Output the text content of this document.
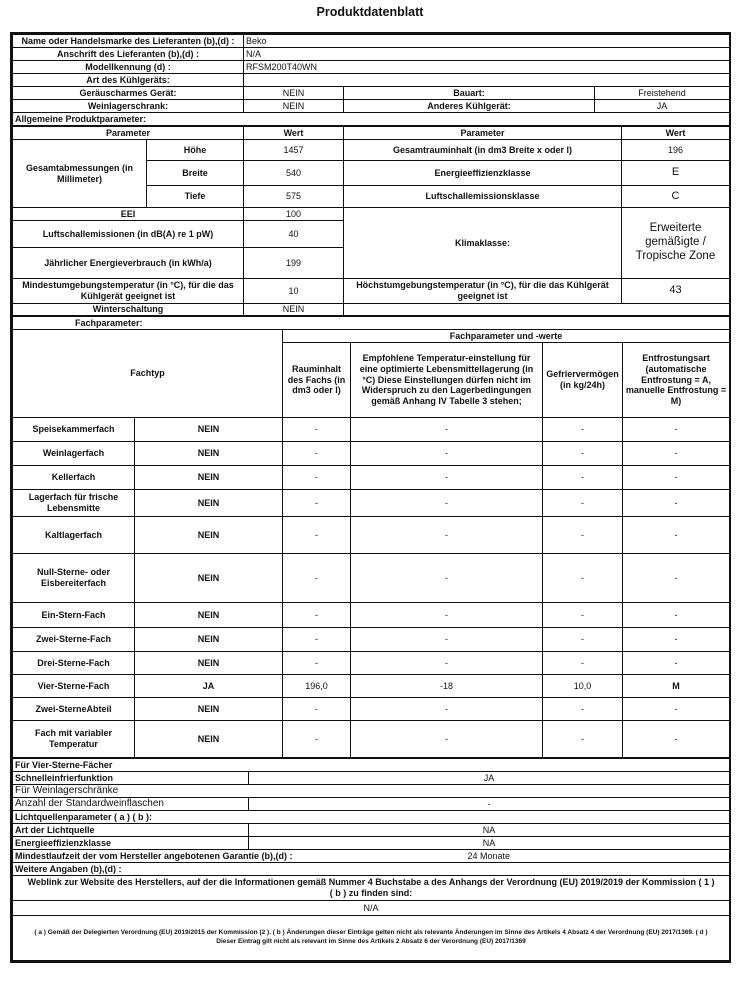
Produktdatenblatt
Name oder Handelsmarke des Lieferanten (b),(d) :	Beko		
Anschrift des Lieferanten (b),(d) :	N/A		
Modellkennung (d) :	RFSM200T40WN		
Art des Kühlgeräts:			
Geräuscharmes Gerät:	NEIN	Bauart:	Freistehend
Weinlagerschrank:	NEIN	Anderes Kühlgerät:	JA
Allgemeine Produktparameter:			
Parameter		Wert	Parameter	Wert
Gesamtabmessungen (in Millimeter)	Höhe	1457	Gesamtrauminhalt (in dm3 Breite x oder l)	196
	Breite	540	Energieeffizienzklasse	E
	Tiefe	575	Luftschallemissionsklasse	C
EEI		100	Klimaklasse:	Erweiterte gemäßigte / Tropische Zone
Luftschallemissionen (in dB(A) re 1 pW)		40		
Jährlicher Energieverbrauch (in kWh/a)		199		
Mindestumgebungstemperatur (in °C), für die das Kühlgerät geeignet ist		10	Höchstumgebungstemperatur (in °C), für die das Kühlgerät geeignet ist	43
Winterschaltung		NEIN		
Fachparameter:					
Fachtyp		Fachparameter und -werte			
		Rauminhalt des Fachs (in dm3 oder l)	Empfohlene Temperatur-einstellung für eine optimierte Lebensmittellagerung (in °C) Diese Einstellungen dürfen nicht im Widerspruch zu den Lagerbedingungen gemäß Anhang IV Tabelle 3 stehen;	Gefriervermögen (in kg/24h)	Entfrostungsart (automatische Entfrostung = A, manuelle Entfrostung = M)
Speisekammerfach	NEIN	-	-	-	-
Weinlagerfach	NEIN	-	-	-	-
Kellerfach	NEIN	-	-	-	-
Lagerfach für frische Lebensmitte	NEIN	-	-	-	-
Kaltlagerfach	NEIN	-	-	-	-
Null-Sterne- oder Eisbereiterfach	NEIN	-	-	-	-
Ein-Stern-Fach	NEIN	-	-	-	-
Zwei-Sterne-Fach	NEIN	-	-	-	-
Drei-Sterne-Fach	NEIN	-	-	-	-
Vier-Sterne-Fach	JA	196,0	-18	10,0	M
Zwei-SterneAbteil	NEIN	-	-	-	-
Fach mit variabler Temperatur	NEIN	-	-	-	-
Für Vier-Sterne-Fächer	
Schnelleinfrierfunktion	JA
Für Weinlagerschränke	
Anzahl der Standardweinflaschen	-
Lichtquellenparameter ( a ) ( b ):	
Art der Lichtquelle	NA
Energieeffizienzklasse	NA
Mindestlaufzeit der vom Hersteller angebotenen Garantie (b),(d) :	24 Monate
Weitere Angaben (b),(d) :	
Weblink zur Website des Herstellers, auf der die Informationen gemäß Nummer 4 Buchstabe a des Anhangs der Verordnung (EU) 2019/2019 der Kommission ( 1 ) ( b ) zu finden sind:	
N/A	
( a ) Gemäß der Delegierten Verordnung (EU) 2019/2015 der Kommission (2 ). ( b ) Änderungen dieser Einträge gelten nicht als relevante Änderungen im Sinne des Artikels 4 Absatz 4 der Verordnung (EU) 2017/1369. ( d ) Dieser Eintrag gilt nicht als relevant im Sinne des Artikels 2 Absatz 6 der Verordnung (EU) 2017/1369	
